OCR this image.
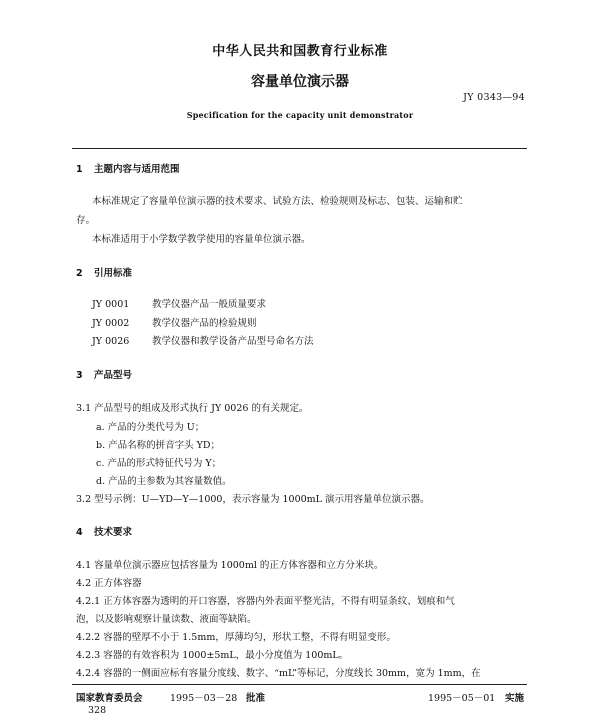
中华人民共和国教育行业标准
容量单位演示器
JY 0343—94
Specification for the capacity unit demonstrator
1 主题内容与适用范围
本标准规定了容量单位演示器的技术要求、试验方法、检验规则及标志、包装、运输和贮
存。
本标准适用于小学数学教学使用的容量单位演示器。
2 引用标准
JY 0001 教学仪器产品一般质量要求
JY 0002 教学仪器产品的检验规则
JY 0026 教学仪器和教学设备产品型号命名方法
3 产品型号
3.1 产品型号的组成及形式执行 JY 0026 的有关规定。
a. 产品的分类代号为 U；
b. 产品名称的拼音字头 YD；
c. 产品的形式特征代号为 Y；
d. 产品的主参数为其容量数值。
3.2 型号示例：U—YD—Y—1000，表示容量为 1000mL 演示用容量单位演示器。
4 技术要求
4.1 容量单位演示器应包括容量为 1000ml 的正方体容器和立方分米块。
4.2 正方体容器
4.2.1 正方体容器为透明的开口容器，容器内外表面平整光洁，不得有明显条纹、划痕和气
泡，以及影响观察计量读数、液面等缺陷。
4.2.2 容器的壁厚不小于 1.5mm，厚薄均匀，形状工整，不得有明显变形。
4.2.3 容器的有效容积为 1000±5mL，最小分度值为 100mL。
4.2.4 容器的一侧面应标有容量分度线、数字、“mL”等标记，分度线长 30mm，宽为 1mm，在
国家教育委员会	1995－03－28 批准	1995－05－01 实施
328
